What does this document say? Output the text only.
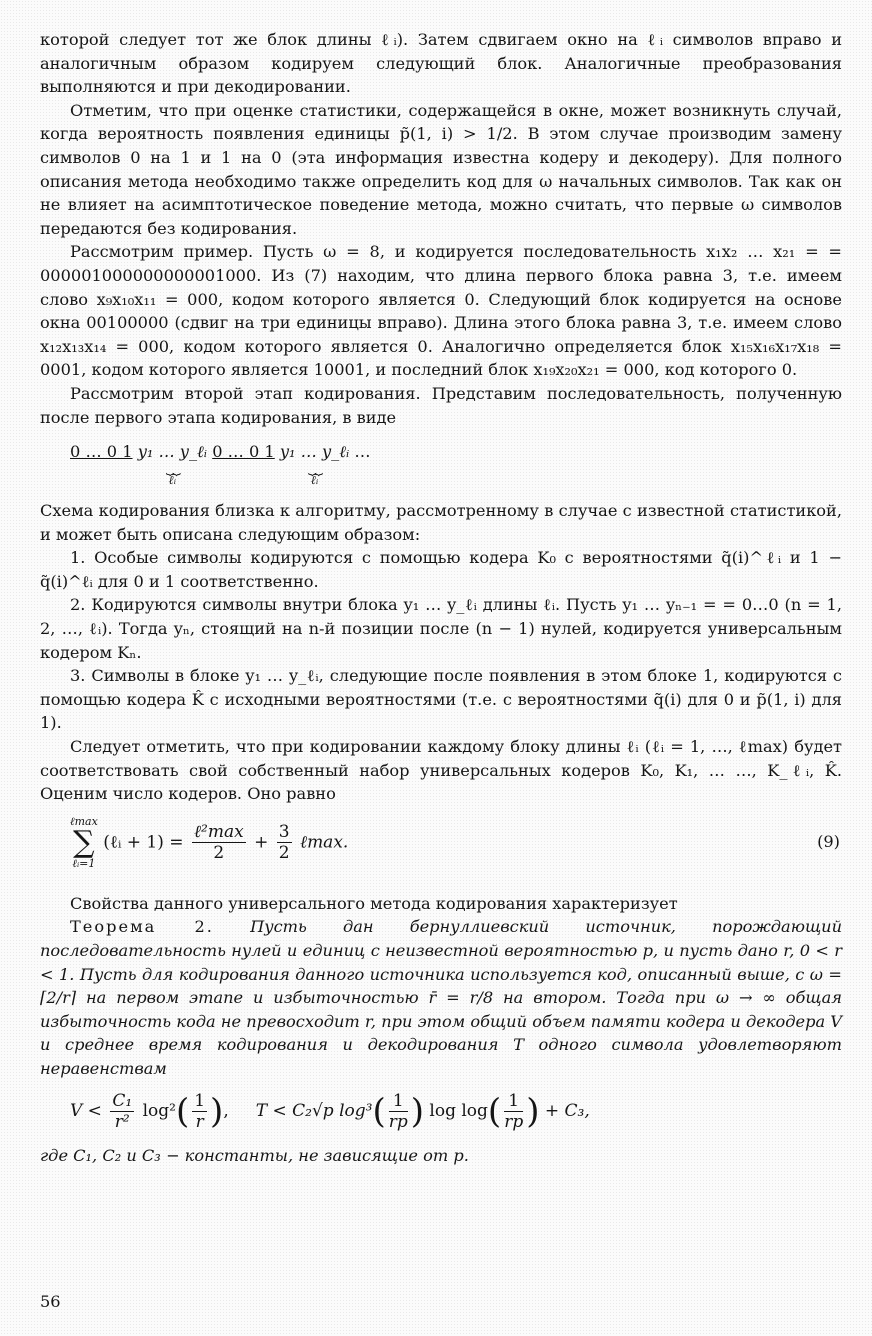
которой следует тот же блок длины ℓᵢ). Затем сдвигаем окно на ℓᵢ символов вправо и аналогичным образом кодируем следующий блок. Аналогичные преобразования выполняются и при декодировании.

Отметим, что при оценке статистики, содержащейся в окне, может возникнуть случай, когда вероятность появления единицы p̃(1, i) > 1/2. В этом случае производим замену символов 0 на 1 и 1 на 0 (эта информация известна кодеру и декодеру). Для полного описания метода необходимо также определить код для ω начальных символов. Так как он не влияет на асимптотическое поведение метода, можно считать, что первые ω символов передаются без кодирования.

Рассмотрим пример. Пусть ω = 8, и кодируется последовательность x₁x₂ … x₂₁ = = 000001000000000001000. Из (7) находим, что длина первого блока равна 3, т.е. имеем слово x₉x₁₀x₁₁ = 000, кодом которого является 0. Следующий блок кодируется на основе окна 00100000 (сдвиг на три единицы вправо). Длина этого блока равна 3, т.е. имеем слово x₁₂x₁₃x₁₄ = 000, кодом которого является 0. Аналогично определяется блок x₁₅x₁₆x₁₇x₁₈ = 0001, кодом которого является 10001, и последний блок x₁₉x₂₀x₂₁ = 000, код которого 0.

Рассмотрим второй этап кодирования. Представим последовательность, полученную после первого этапа кодирования, в виде

0 … 0 1 y₁ … y_ℓᵢ
⏟⏟
ℓᵢ
0 … 0 1 y₁ … y_ℓᵢ
⏟⏟
ℓᵢ
…

Схема кодирования близка к алгоритму, рассмотренному в случае с известной статистикой, и может быть описана следующим образом:

1. Особые символы кодируются с помощью кодера K₀ с вероятностями q̃(i)^ℓᵢ и 1 − q̃(i)^ℓᵢ для 0 и 1 соответственно.

2. Кодируются символы внутри блока y₁ … y_ℓᵢ длины ℓᵢ. Пусть y₁ … yₙ₋₁ = = 0…0 (n = 1, 2, …, ℓᵢ). Тогда yₙ, стоящий на n-й позиции после (n − 1) нулей, кодируется универсальным кодером Kₙ.

3. Символы в блоке y₁ … y_ℓᵢ, следующие после появления в этом блоке 1, кодируются с помощью кодера K̂ с исходными вероятностями (т.е. с вероятностями q̃(i) для 0 и p̃(1, i) для 1).

Следует отметить, что при кодировании каждому блоку длины ℓᵢ (ℓᵢ = 1, …, ℓmax) будет соответствовать свой собственный набор универсальных кодеров K₀, K₁, … …, K_ℓᵢ, K̂. Оценим число кодеров. Оно равно

ℓmax
∑
ℓᵢ=1
(ℓᵢ + $1) = \frac{\text{ℓ²max}}{2} + \frac{3}{2}$ ℓmax.	(9)

Свойства данного универсального метода кодирования характеризует

Теорема 2. Пусть дан бернуллиевский источник, порождающий последовательность нулей и единиц с неизвестной вероятностью p, и пусть дано r, 0 < r < 1. Пусть для кодирования данного источника используется код, описанный выше, с ω = ⌈2/r⌉ на первом этапе и избыточностью r̄ = r/8 на втором. Тогда при ω → ∞ общая избыточность кода не превосходит r, при этом общий объем памяти кодера и декодера V и среднее время кодирования и декодирования T одного символа удовлетворяют неравенствам

$V < \frac{\text{C₁}}{\text{r²}} \log^2( \frac{1}{r}$ ), T < C₂√p $\log^3( \frac{1}{rp}$ ) $\log \log( \frac{1}{rp}$ ) + C₃,

где C₁, C₂ и C₃ − константы, не зависящие от p.

56
